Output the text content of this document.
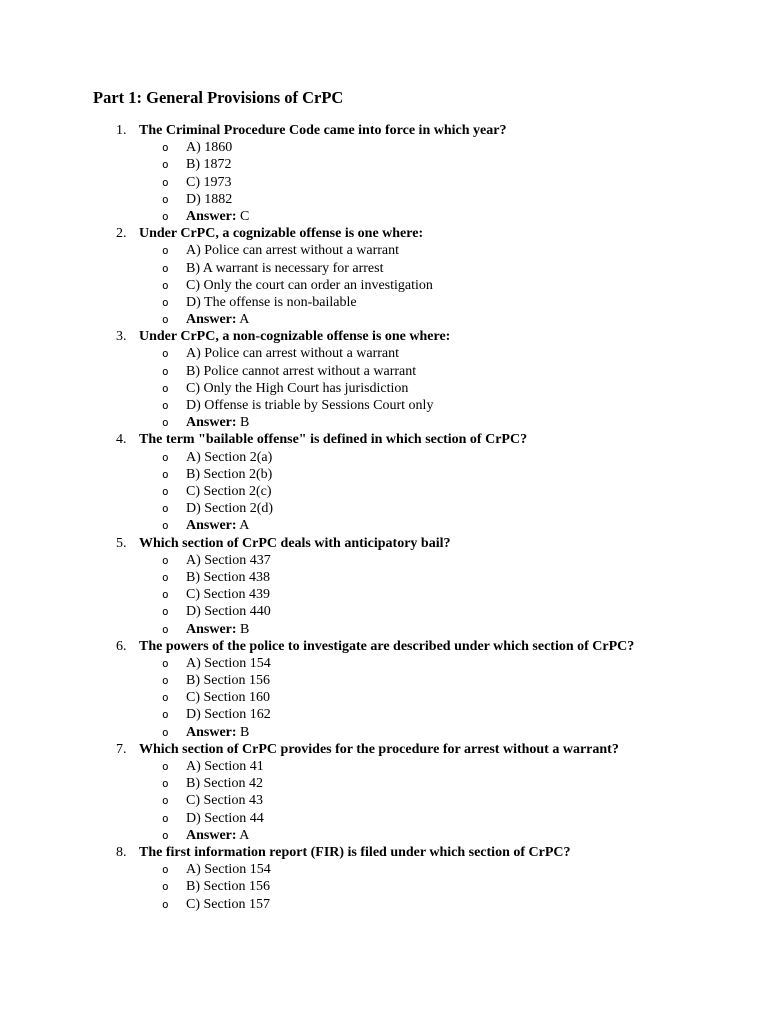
Part 1: General Provisions of CrPC
1. The Criminal Procedure Code came into force in which year?
o A) 1860
o B) 1872
o C) 1973
o D) 1882
o Answer: C
2. Under CrPC, a cognizable offense is one where:
o A) Police can arrest without a warrant
o B) A warrant is necessary for arrest
o C) Only the court can order an investigation
o D) The offense is non-bailable
o Answer: A
3. Under CrPC, a non-cognizable offense is one where:
o A) Police can arrest without a warrant
o B) Police cannot arrest without a warrant
o C) Only the High Court has jurisdiction
o D) Offense is triable by Sessions Court only
o Answer: B
4. The term "bailable offense" is defined in which section of CrPC?
o A) Section 2(a)
o B) Section 2(b)
o C) Section 2(c)
o D) Section 2(d)
o Answer: A
5. Which section of CrPC deals with anticipatory bail?
o A) Section 437
o B) Section 438
o C) Section 439
o D) Section 440
o Answer: B
6. The powers of the police to investigate are described under which section of CrPC?
o A) Section 154
o B) Section 156
o C) Section 160
o D) Section 162
o Answer: B
7. Which section of CrPC provides for the procedure for arrest without a warrant?
o A) Section 41
o B) Section 42
o C) Section 43
o D) Section 44
o Answer: A
8. The first information report (FIR) is filed under which section of CrPC?
o A) Section 154
o B) Section 156
o C) Section 157
